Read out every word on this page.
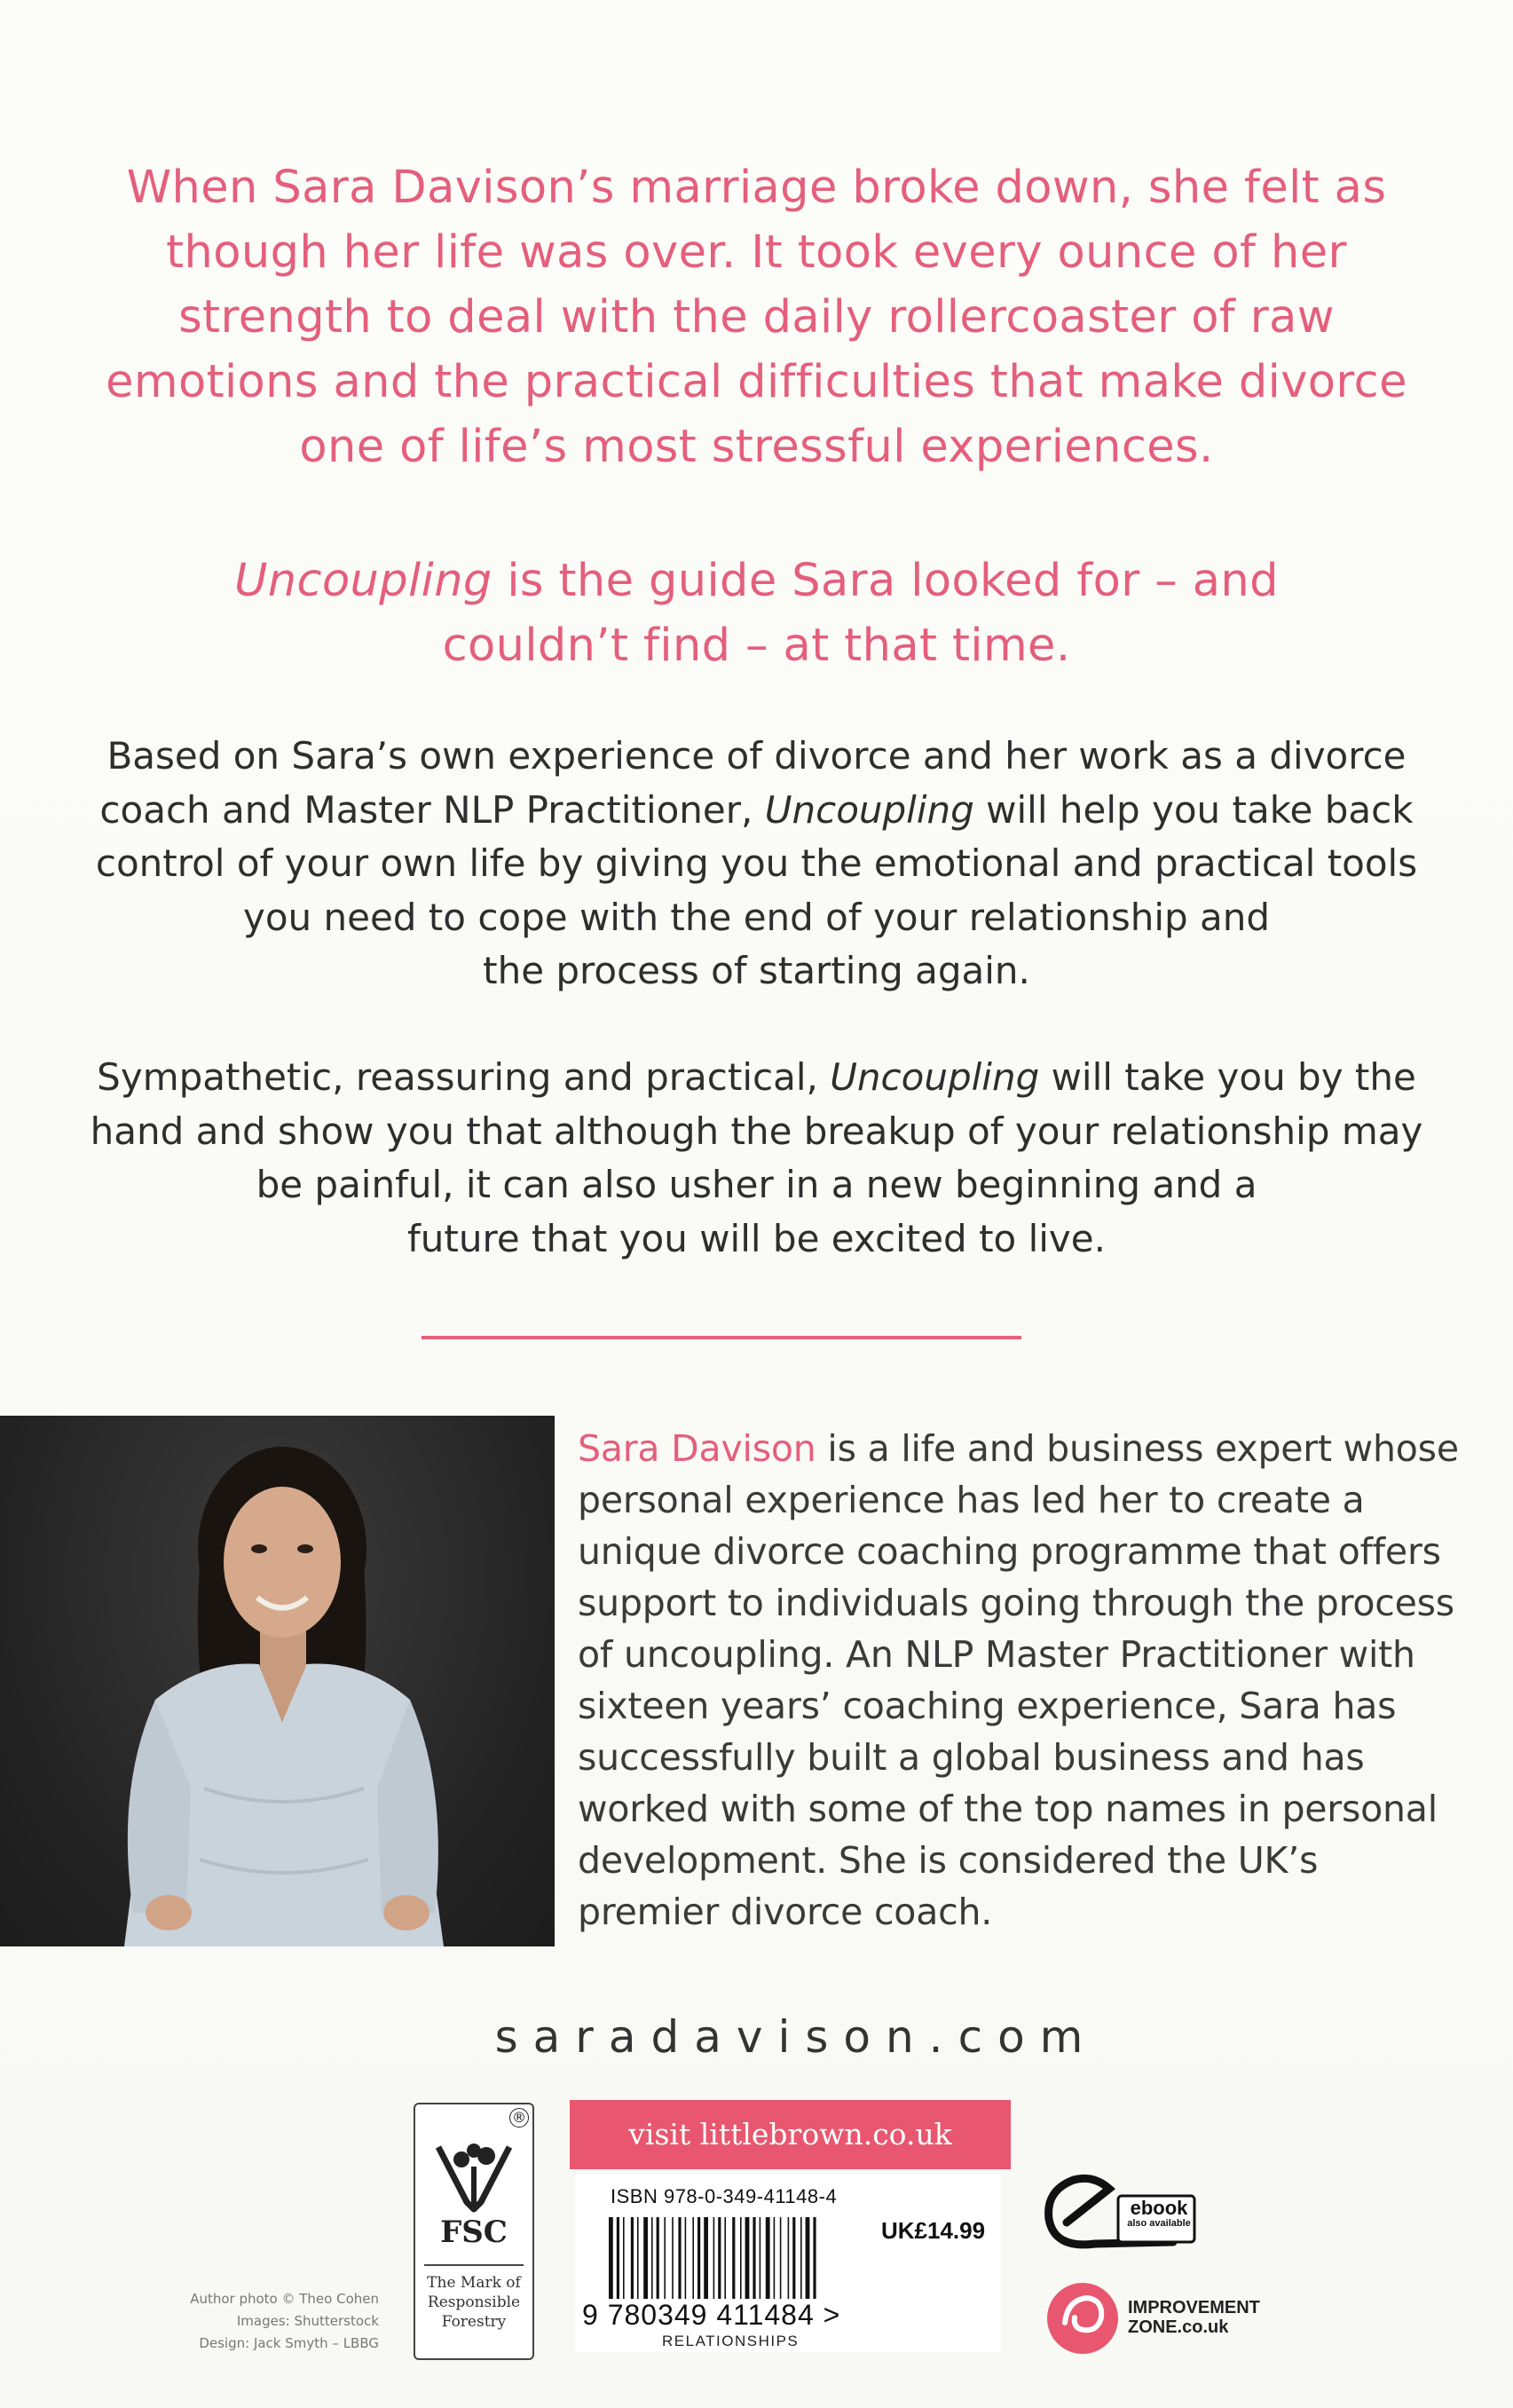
When Sara Davison’s marriage broke down, she felt as
though her life was over. It took every ounce of her
strength to deal with the daily rollercoaster of raw
emotions and the practical difficulties that make divorce
one of life’s most stressful experiences.
Uncoupling is the guide Sara looked for – and
couldn’t find – at that time.
Based on Sara’s own experience of divorce and her work as a divorce
coach and Master NLP Practitioner, Uncoupling will help you take back
control of your own life by giving you the emotional and practical tools
you need to cope with the end of your relationship and
the process of starting again.
Sympathetic, reassuring and practical, Uncoupling will take you by the
hand and show you that although the breakup of your relationship may
be painful, it can also usher in a new beginning and a
future that you will be excited to live.
Sara Davison is a life and business expert whose
personal experience has led her to create a
unique divorce coaching programme that offers
support to individuals going through the process
of uncoupling. An NLP Master Practitioner with
sixteen years’ coaching experience, Sara has
successfully built a global business and has
worked with some of the top names in personal
development. She is considered the UK’s
premier divorce coach.
saradavison.com
®
FSC
The Mark of
Responsible
Forestry
Author photo © Theo Cohen
Images: Shutterstock
Design: Jack Smyth – LBBG
visit littlebrown.co.uk
ISBN 978-0-349-41148-4
UK£14.99
9 780349 411484 >
RELATIONSHIPS
ebook
also available
IMPROVEMENT
ZONE.co.uk
